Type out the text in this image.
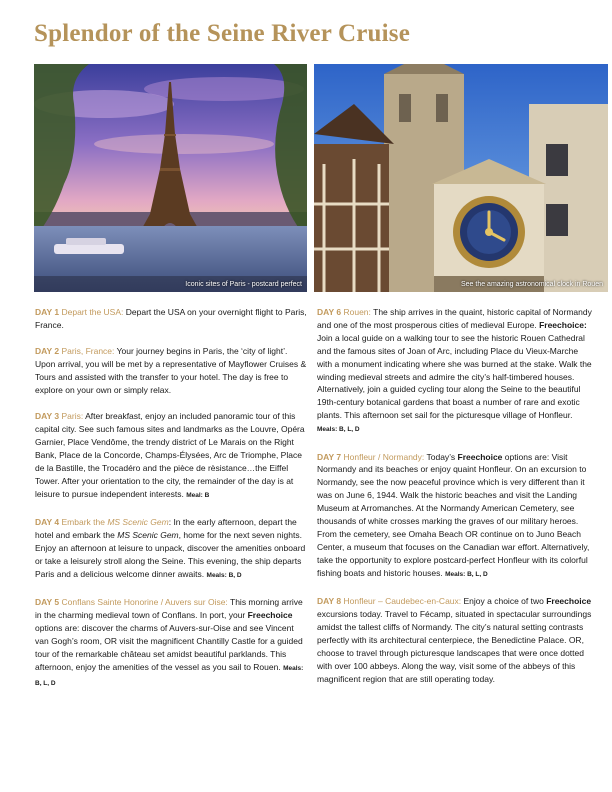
Splendor of the Seine River Cruise
Iconic sites of Paris - postcard perfect	See the amazing astronomical clock in Rouen

DAY 1 Depart the USA: Depart the USA on your overnight flight to Paris, France.

DAY 2 Paris, France: Your journey begins in Paris, the ‘city of light’. Upon arrival, you will be met by a representative of Mayflower Cruises & Tours and assisted with the transfer to your hotel. The day is free to explore on your own or simply relax.

DAY 3 Paris: After breakfast, enjoy an included panoramic tour of this capital city. See such famous sites and landmarks as the Louvre, Opéra Garnier, Place Vendôme, the trendy district of Le Marais on the Right Bank, Place de la Concorde, Champs-Élysées, Arc de Triomphe, Place de la Bastille, the Trocadéro and the pièce de rèsistance…the Eiffel Tower. After your orientation to the city, the remainder of the day is at leisure to pursue independent interests. Meal: B

DAY 4 Embark the MS Scenic Gem: In the early afternoon, depart the hotel and embark the MS Scenic Gem, home for the next seven nights. Enjoy an afternoon at leisure to unpack, discover the amenities onboard or take a leisurely stroll along the Seine. This evening, the ship departs Paris and a delicious welcome dinner awaits. Meals: B, D

DAY 5 Conflans Sainte Honorine / Auvers sur Oise: This morning arrive in the charming medieval town of Conflans. In port, your Freechoice options are: discover the charms of Auvers-sur-Oise and see Vincent van Gogh’s room, OR visit the magnificent Chantilly Castle for a guided tour of the remarkable château set amidst beautiful parklands. This afternoon, enjoy the amenities of the vessel as you sail to Rouen. Meals: B, L, D

DAY 6 Rouen: The ship arrives in the quaint, historic capital of Normandy and one of the most prosperous cities of medieval Europe. Freechoice: Join a local guide on a walking tour to see the historic Rouen Cathedral and the famous sites of Joan of Arc, including Place du Vieux-Marche with a monument indicating where she was burned at the stake. Walk the winding medieval streets and admire the city’s half-timbered houses. Alternatively, join a guided cycling tour along the Seine to the beautiful 19th-century botanical gardens that boast a number of rare and exotic plants. This afternoon set sail for the picturesque village of Honfleur. Meals: B, L, D

DAY 7 Honfleur / Normandy: Today’s Freechoice options are: Visit Normandy and its beaches or enjoy quaint Honfleur. On an excursion to Normandy, see the now peaceful province which is very different than it was on June 6, 1944. Walk the historic beaches and visit the Landing Museum at Arromanches. At the Normandy American Cemetery, see thousands of white crosses marking the graves of our military heroes. From the cemetery, see Omaha Beach OR continue on to Juno Beach Center, a museum that focuses on the Canadian war effort. Alternatively, take the opportunity to explore postcard-perfect Honfleur with its colorful fishing boats and historic houses. Meals: B, L, D

DAY 8 Honfleur – Caudebec-en-Caux: Enjoy a choice of two Freechoice excursions today. Travel to Fécamp, situated in spectacular surroundings amidst the tallest cliffs of Normandy. The city’s natural setting contrasts perfectly with its architectural centerpiece, the Benedictine Palace. OR, choose to travel through picturesque landscapes that were once dotted with over 100 abbeys. Along the way, visit some of the abbeys of this magnificent region that are still operating today.
